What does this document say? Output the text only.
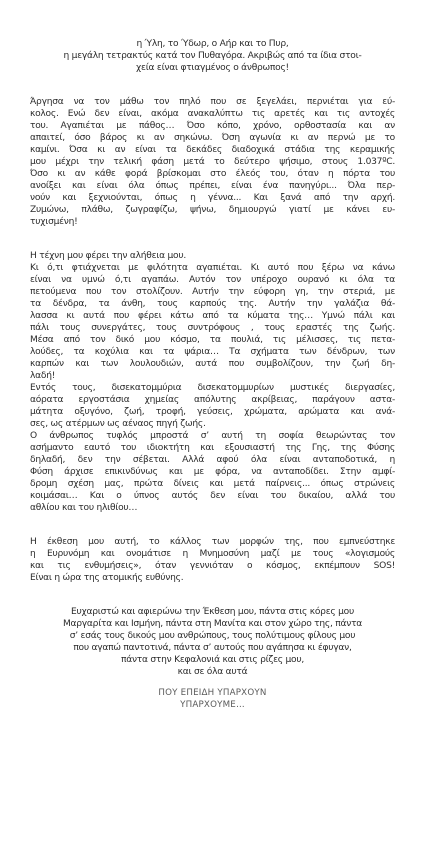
η Ύλη, το Ύδωρ, ο Αήρ και το Πυρ,
η μεγάλη τετρακτύς κατά τον Πυθαγόρα. Ακριβώς από τα ίδια στοι-
χεία είναι φτιαγμένος ο άνθρωπος!
Άργησα να τον μάθω τον πηλό που σε ξεγελάει, περνιέται για εύ-
κολος. Ενώ δεν είναι, ακόμα ανακαλύπτω τις αρετές και τις αντοχές
του. Αγαπιέται με πάθος… Όσο κόπο, χρόνο, ορθοστασία και αν
απαιτεί, όσο βάρος κι αν σηκώνω. Όση αγωνία κι αν περνώ με το
καμίνι. Όσα κι αν είναι τα δεκάδες διαδοχικά στάδια της κεραμικής
μου μέχρι την τελική φάση μετά το δεύτερο ψήσιμο, στους 1.037ºC.
Όσο κι αν κάθε φορά βρίσκομαι στο έλεός του, όταν η πόρτα του
ανοίξει και είναι όλα όπως πρέπει, είναι ένα πανηγύρι... Όλα περ-
νούν και ξεχνιούνται, όπως η γέννα... Και ξανά από την αρχή.
Ζυμώνω, πλάθω, ζωγραφίζω, ψήνω, δημιουργώ γιατί με κάνει ευ-
τυχισμένη!
Η τέχνη μου φέρει την αλήθεια μου.
Κι ό,τι φτιάχνεται με φιλότητα αγαπιέται. Κι αυτό που ξέρω να κάνω
είναι να υμνώ ό,τι αγαπάω. Αυτόν τον υπέροχο ουρανό κι όλα τα
πετούμενα που τον στολίζουν. Αυτήν την εύφορη γη, την στεριά, με
τα δένδρα, τα άνθη, τους καρπούς της. Αυτήν την γαλάζια θά-
λασσα κι αυτά που φέρει κάτω από τα κύματα της… Υμνώ πάλι και
πάλι τους συνεργάτες, τους συντρόφους , τους εραστές της ζωής.
Μέσα από τον δικό μου κόσμο, τα πουλιά, τις μέλισσες, τις πετα-
λούδες, τα κοχύλια και τα ψάρια… Τα σχήματα των δένδρων, των
καρπών και των λουλουδιών, αυτά που συμβολίζουν, την ζωή δη-
λαδή!
Εντός τους, δισεκατομμύρια δισεκατομμυρίων μυστικές διεργασίες,
αόρατα εργοστάσια χημείας απόλυτης ακρίβειας, παράγουν αστα-
μάτητα οξυγόνο, ζωή, τροφή, γεύσεις, χρώματα, αρώματα και ανά-
σες, ως ατέρμων ως αέναος πηγή ζωής.
Ο άνθρωπος τυφλός μπροστά σ’ αυτή τη σοφία θεωρώντας τον
ασήμαντο εαυτό του ιδιοκτήτη και εξουσιαστή της Γης, της Φύσης
δηλαδή, δεν την σέβεται. Αλλά αφού όλα είναι ανταποδοτικά, η
Φύση άρχισε επικινδύνως και με φόρα, να ανταποδίδει. Στην αμφί-
δρομη σχέση μας, πρώτα δίνεις και μετά παίρνεις... όπως στρώνεις
κοιμάσαι… Και ο ύπνος αυτός δεν είναι του δικαίου, αλλά του
αθλίου και του ηλιθίου…
Η έκθεση μου αυτή, το κάλλος των μορφών της, που εμπνεύστηκε
η Ευρυνόμη και ονομάτισε η Μνημοσύνη μαζί με τους «λογισμούς
και τις ενθυμήσεις», όταν γεννιόταν ο κόσμος, εκπέμπουν SOS!
Είναι η ώρα της ατομικής ευθύνης.
Ευχαριστώ και αφιερώνω την Έκθεση μου, πάντα στις κόρες μου
Μαργαρίτα και Ισμήνη, πάντα στη Μανίτα και στον χώρο της, πάντα
σ’ εσάς τους δικούς μου ανθρώπους, τους πολύτιμους φίλους μου
που αγαπώ παντοτινά, πάντα σ’ αυτούς που αγάπησα κι έφυγαν,
πάντα στην Κεφαλονιά και στις ρίζες μου,
και σε όλα αυτά
ΠΟΥ ΕΠΕΙΔΗ ΥΠΑΡΧΟΥΝ
ΥΠΑΡΧΟΥΜΕ…
